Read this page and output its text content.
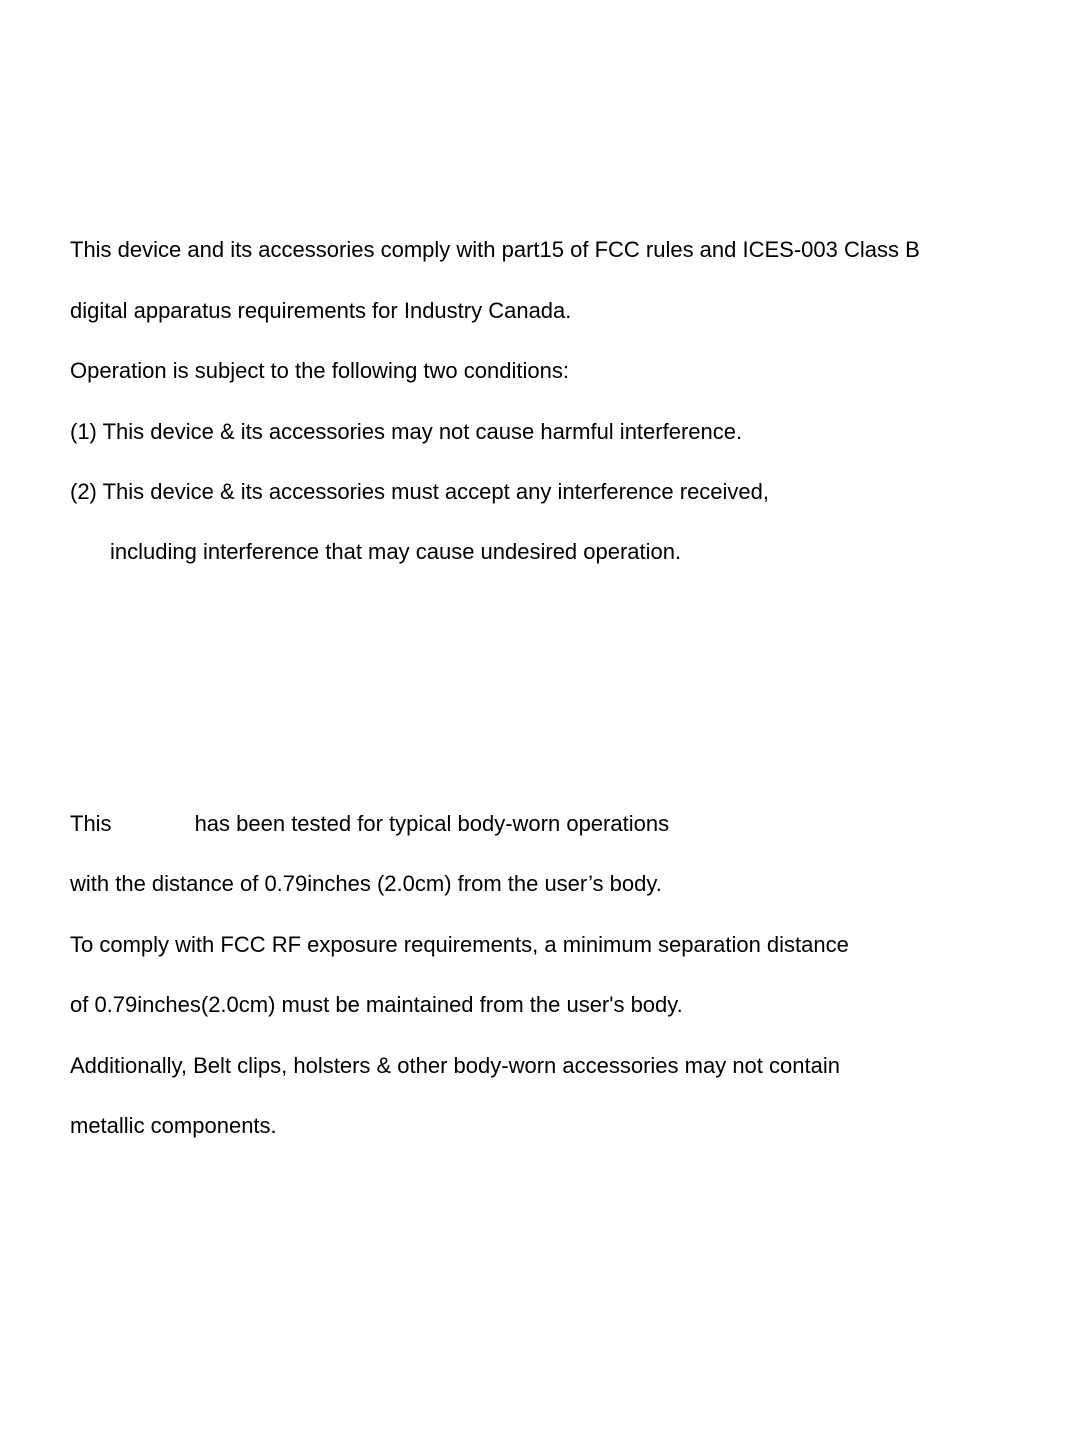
This device and its accessories comply with part15 of FCC rules and ICES-003 Class B
digital apparatus requirements for Industry Canada.
Operation is subject to the following two conditions:
(1) This device & its accessories may not cause harmful interference.
(2) This device & its accessories must accept any interference received,
including interference that may cause undesired operation.
This	has been tested for typical body-worn operations
with the distance of 0.79inches (2.0cm) from the user’s body.
To comply with FCC RF exposure requirements, a minimum separation distance
of 0.79inches(2.0cm) must be maintained from the user's body.
Additionally, Belt clips, holsters & other body-worn accessories may not contain
metallic components.
